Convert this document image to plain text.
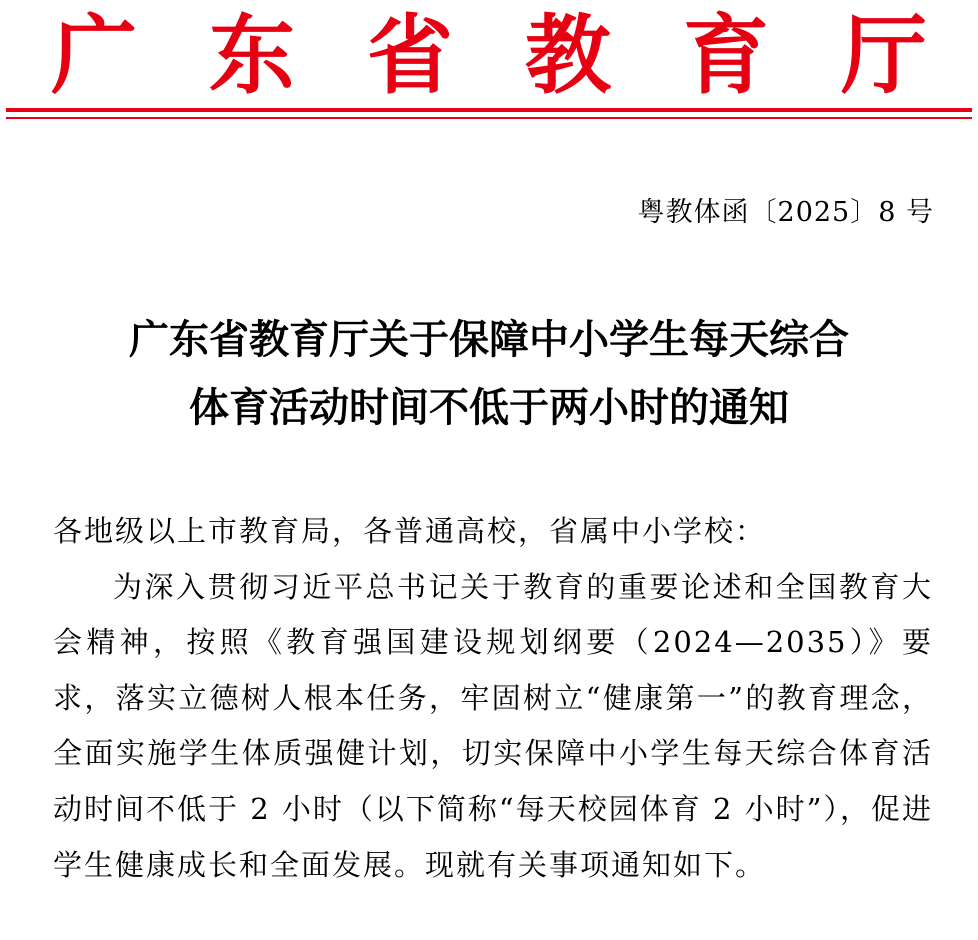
广 东 省 教 育 厅
粤教体函〔2025〕8 号
广东省教育厅关于保障中小学生每天综合
体育活动时间不低于两小时的通知
各地级以上市教育局，各普通高校，省属中小学校：
为深入贯彻习近平总书记关于教育的重要论述和全国教育大会精神，按照《教育强国建设规划纲要（2024—2035）》要求，落实立德树人根本任务，牢固树立“健康第一”的教育理念，全面实施学生体质强健计划，切实保障中小学生每天综合体育活动时间不低于 2 小时（以下简称“每天校园体育 2 小时”），促进学生健康成长和全面发展。现就有关事项通知如下。
